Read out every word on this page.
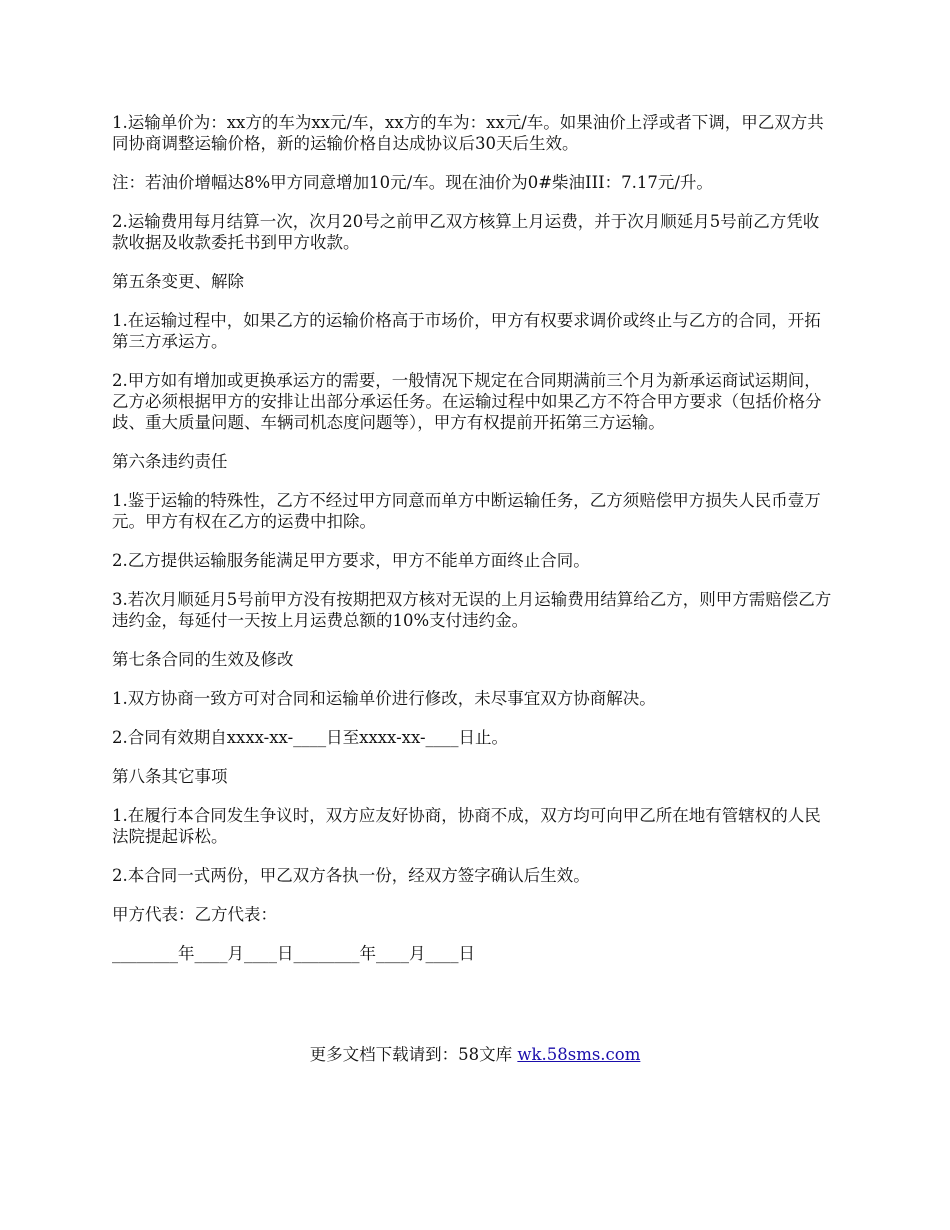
1.运输单价为：xx方的车为xx元/车，xx方的车为：xx元/车。如果油价上浮或者下调，甲乙双方共同协商调整运输价格，新的运输价格自达成协议后30天后生效。

注：若油价增幅达8%甲方同意增加10元/车。现在油价为0#柴油III：7.17元/升。

2.运输费用每月结算一次，次月20号之前甲乙双方核算上月运费，并于次月顺延月5号前乙方凭收款收据及收款委托书到甲方收款。

第五条变更、解除

1.在运输过程中，如果乙方的运输价格高于市场价，甲方有权要求调价或终止与乙方的合同，开拓第三方承运方。

2.甲方如有增加或更换承运方的需要，一般情况下规定在合同期满前三个月为新承运商试运期间，乙方必须根据甲方的安排让出部分承运任务。在运输过程中如果乙方不符合甲方要求（包括价格分歧、重大质量问题、车辆司机态度问题等），甲方有权提前开拓第三方运输。

第六条违约责任

1.鉴于运输的特殊性，乙方不经过甲方同意而单方中断运输任务，乙方须赔偿甲方损失人民币壹万元。甲方有权在乙方的运费中扣除。

2.乙方提供运输服务能满足甲方要求，甲方不能单方面终止合同。

3.若次月顺延月5号前甲方没有按期把双方核对无误的上月运输费用结算给乙方，则甲方需赔偿乙方违约金，每延付一天按上月运费总额的10%支付违约金。

第七条合同的生效及修改

1.双方协商一致方可对合同和运输单价进行修改，未尽事宜双方协商解决。

2.合同有效期自xxxx-xx-____日至xxxx-xx-____日止。

第八条其它事项

1.在履行本合同发生争议时，双方应友好协商，协商不成，双方均可向甲乙所在地有管辖权的人民法院提起诉松。

2.本合同一式两份，甲乙双方各执一份，经双方签字确认后生效。

甲方代表：乙方代表：

________年____月____日________年____月____日

更多文档下载请到：58文库 wk.58sms.com
